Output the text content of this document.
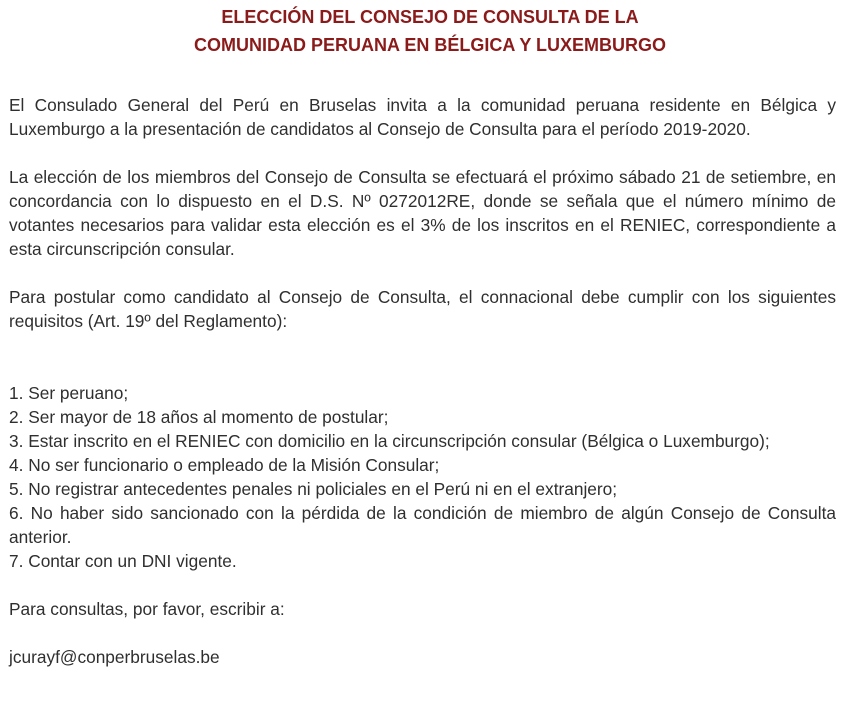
ELECCIÓN DEL CONSEJO DE CONSULTA DE LA
COMUNIDAD PERUANA EN BÉLGICA Y LUXEMBURGO

El Consulado General del Perú en Bruselas invita a la comunidad peruana residente en Bélgica y Luxemburgo a la presentación de candidatos al Consejo de Consulta para el período 2019-2020.

La elección de los miembros del Consejo de Consulta se efectuará el próximo sábado 21 de setiembre, en concordancia con lo dispuesto en el D.S. Nº 0272012RE, donde se señala que el número mínimo de votantes necesarios para validar esta elección es el 3% de los inscritos en el RENIEC, correspondiente a esta circunscripción consular.

Para postular como candidato al Consejo de Consulta, el connacional debe cumplir con los siguientes requisitos (Art. 19º del Reglamento):

1. Ser peruano;
2. Ser mayor de 18 años al momento de postular;
3. Estar inscrito en el RENIEC con domicilio en la circunscripción consular (Bélgica o Luxemburgo);
4. No ser funcionario o empleado de la Misión Consular;
5. No registrar antecedentes penales ni policiales en el Perú ni en el extranjero;
6. No haber sido sancionado con la pérdida de la condición de miembro de algún Consejo de Consulta anterior.
7. Contar con un DNI vigente.

Para consultas, por favor, escribir a:

jcurayf@conperbruselas.be
